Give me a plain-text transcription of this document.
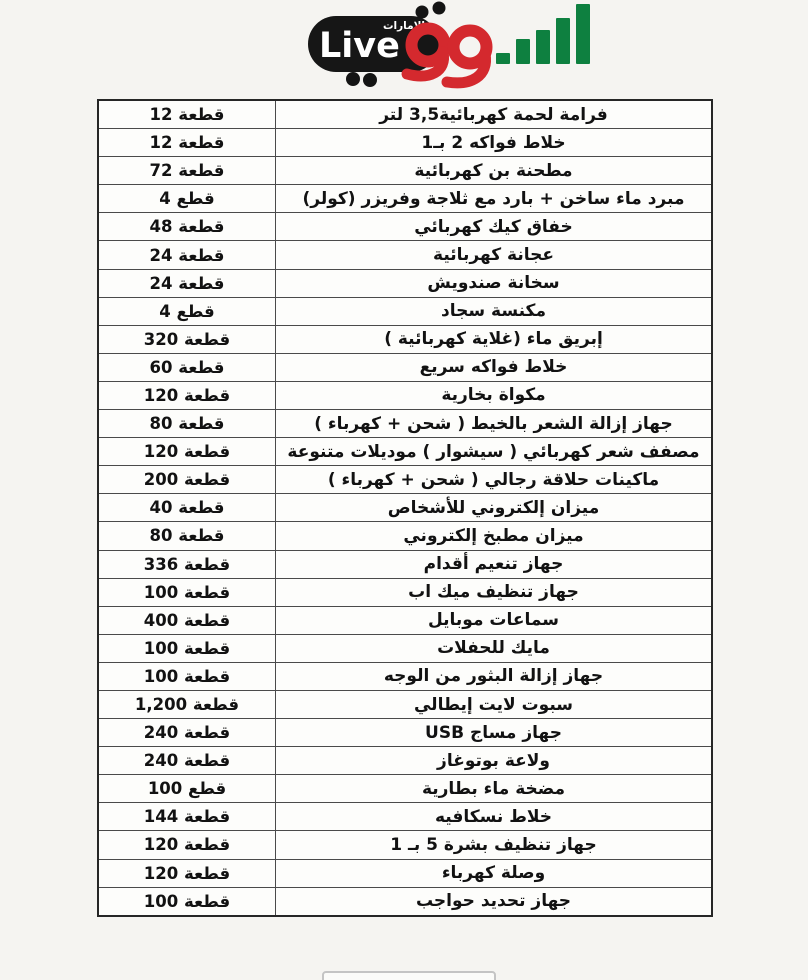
الإمارات
Live
12 قطعة	فرامة لحمة كهربائية3,5 لتر
12 قطعة	خلاط فواكه 2 بـ1
72 قطعة	مطحنة بن كهربائية
4 قطع	مبرد ماء ساخن + بارد مع ثلاجة وفريزر (كولر)
48 قطعة	خفاق كيك كهربائي
24 قطعة	عجانة كهربائية
24 قطعة	سخانة صندويش
4 قطع	مكنسة سجاد
320 قطعة	إبريق ماء (غلاية كهربائية )
60 قطعة	خلاط فواكه سريع
120 قطعة	مكواة بخارية
80 قطعة	جهاز إزالة الشعر بالخيط ( شحن + كهرباء )
120 قطعة	مصفف شعر كهربائي ( سيشوار ) موديلات متنوعة
200 قطعة	ماكينات حلاقة رجالي ( شحن + كهرباء )
40 قطعة	ميزان إلكتروني للأشخاص
80 قطعة	ميزان مطبخ إلكتروني
336 قطعة	جهاز تنعيم أقدام
100 قطعة	جهاز تنظيف ميك اب
400 قطعة	سماعات موبايل
100 قطعة	مايك للحفلات
100 قطعة	جهاز إزالة البثور من الوجه
1,200 قطعة	سبوت لايت إيطالي
240 قطعة	جهاز مساج USB
240 قطعة	ولاعة بوتوغاز
100 قطع	مضخة ماء بطارية
144 قطعة	خلاط نسكافيه
120 قطعة	جهاز تنظيف بشرة 5 بـ 1
120 قطعة	وصلة كهرباء
100 قطعة	جهاز تحديد حواجب
